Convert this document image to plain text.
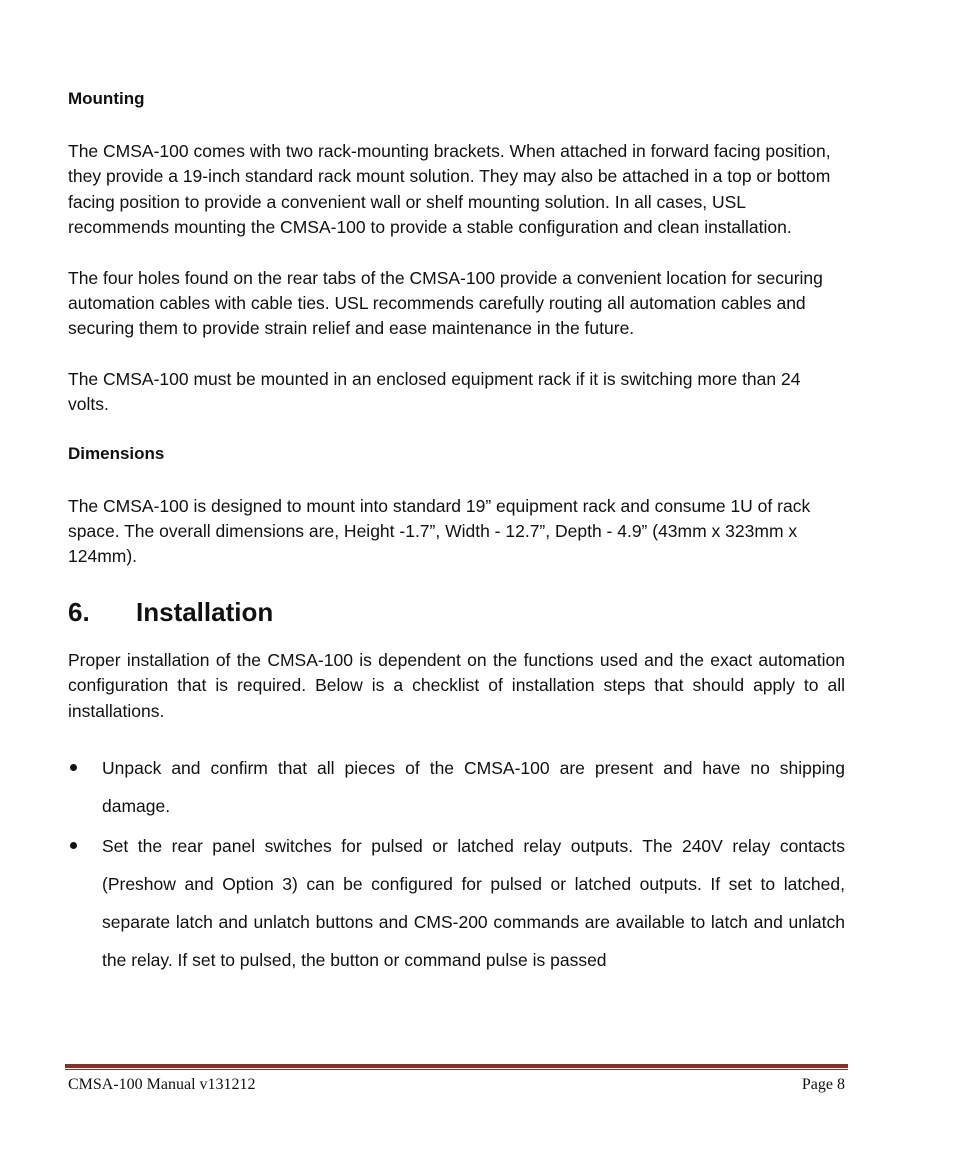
Mounting

The CMSA-100 comes with two rack-mounting brackets. When attached in forward facing position, they provide a 19-inch standard rack mount solution. They may also be attached in a top or bottom facing position to provide a convenient wall or shelf mounting solution. In all cases, USL recommends mounting the CMSA-100 to provide a stable configuration and clean installation.

The four holes found on the rear tabs of the CMSA-100 provide a convenient location for securing automation cables with cable ties. USL recommends carefully routing all automation cables and securing them to provide strain relief and ease maintenance in the future.

The CMSA-100 must be mounted in an enclosed equipment rack if it is switching more than 24 volts.

Dimensions

The CMSA-100 is designed to mount into standard 19” equipment rack and consume 1U of rack space. The overall dimensions are, Height -1.7”, Width - 12.7”, Depth - 4.9” (43mm x 323mm x 124mm).

6.	Installation

Proper installation of the CMSA-100 is dependent on the functions used and the exact automation configuration that is required. Below is a checklist of installation steps that should apply to all installations.

Unpack and confirm that all pieces of the CMSA-100 are present and have no shipping damage.
Set the rear panel switches for pulsed or latched relay outputs. The 240V relay contacts (Preshow and Option 3) can be configured for pulsed or latched outputs. If set to latched, separate latch and unlatch buttons and CMS-200 commands are available to latch and unlatch the relay. If set to pulsed, the button or command pulse is passed
CMSA-100 Manual v131212	Page 8
